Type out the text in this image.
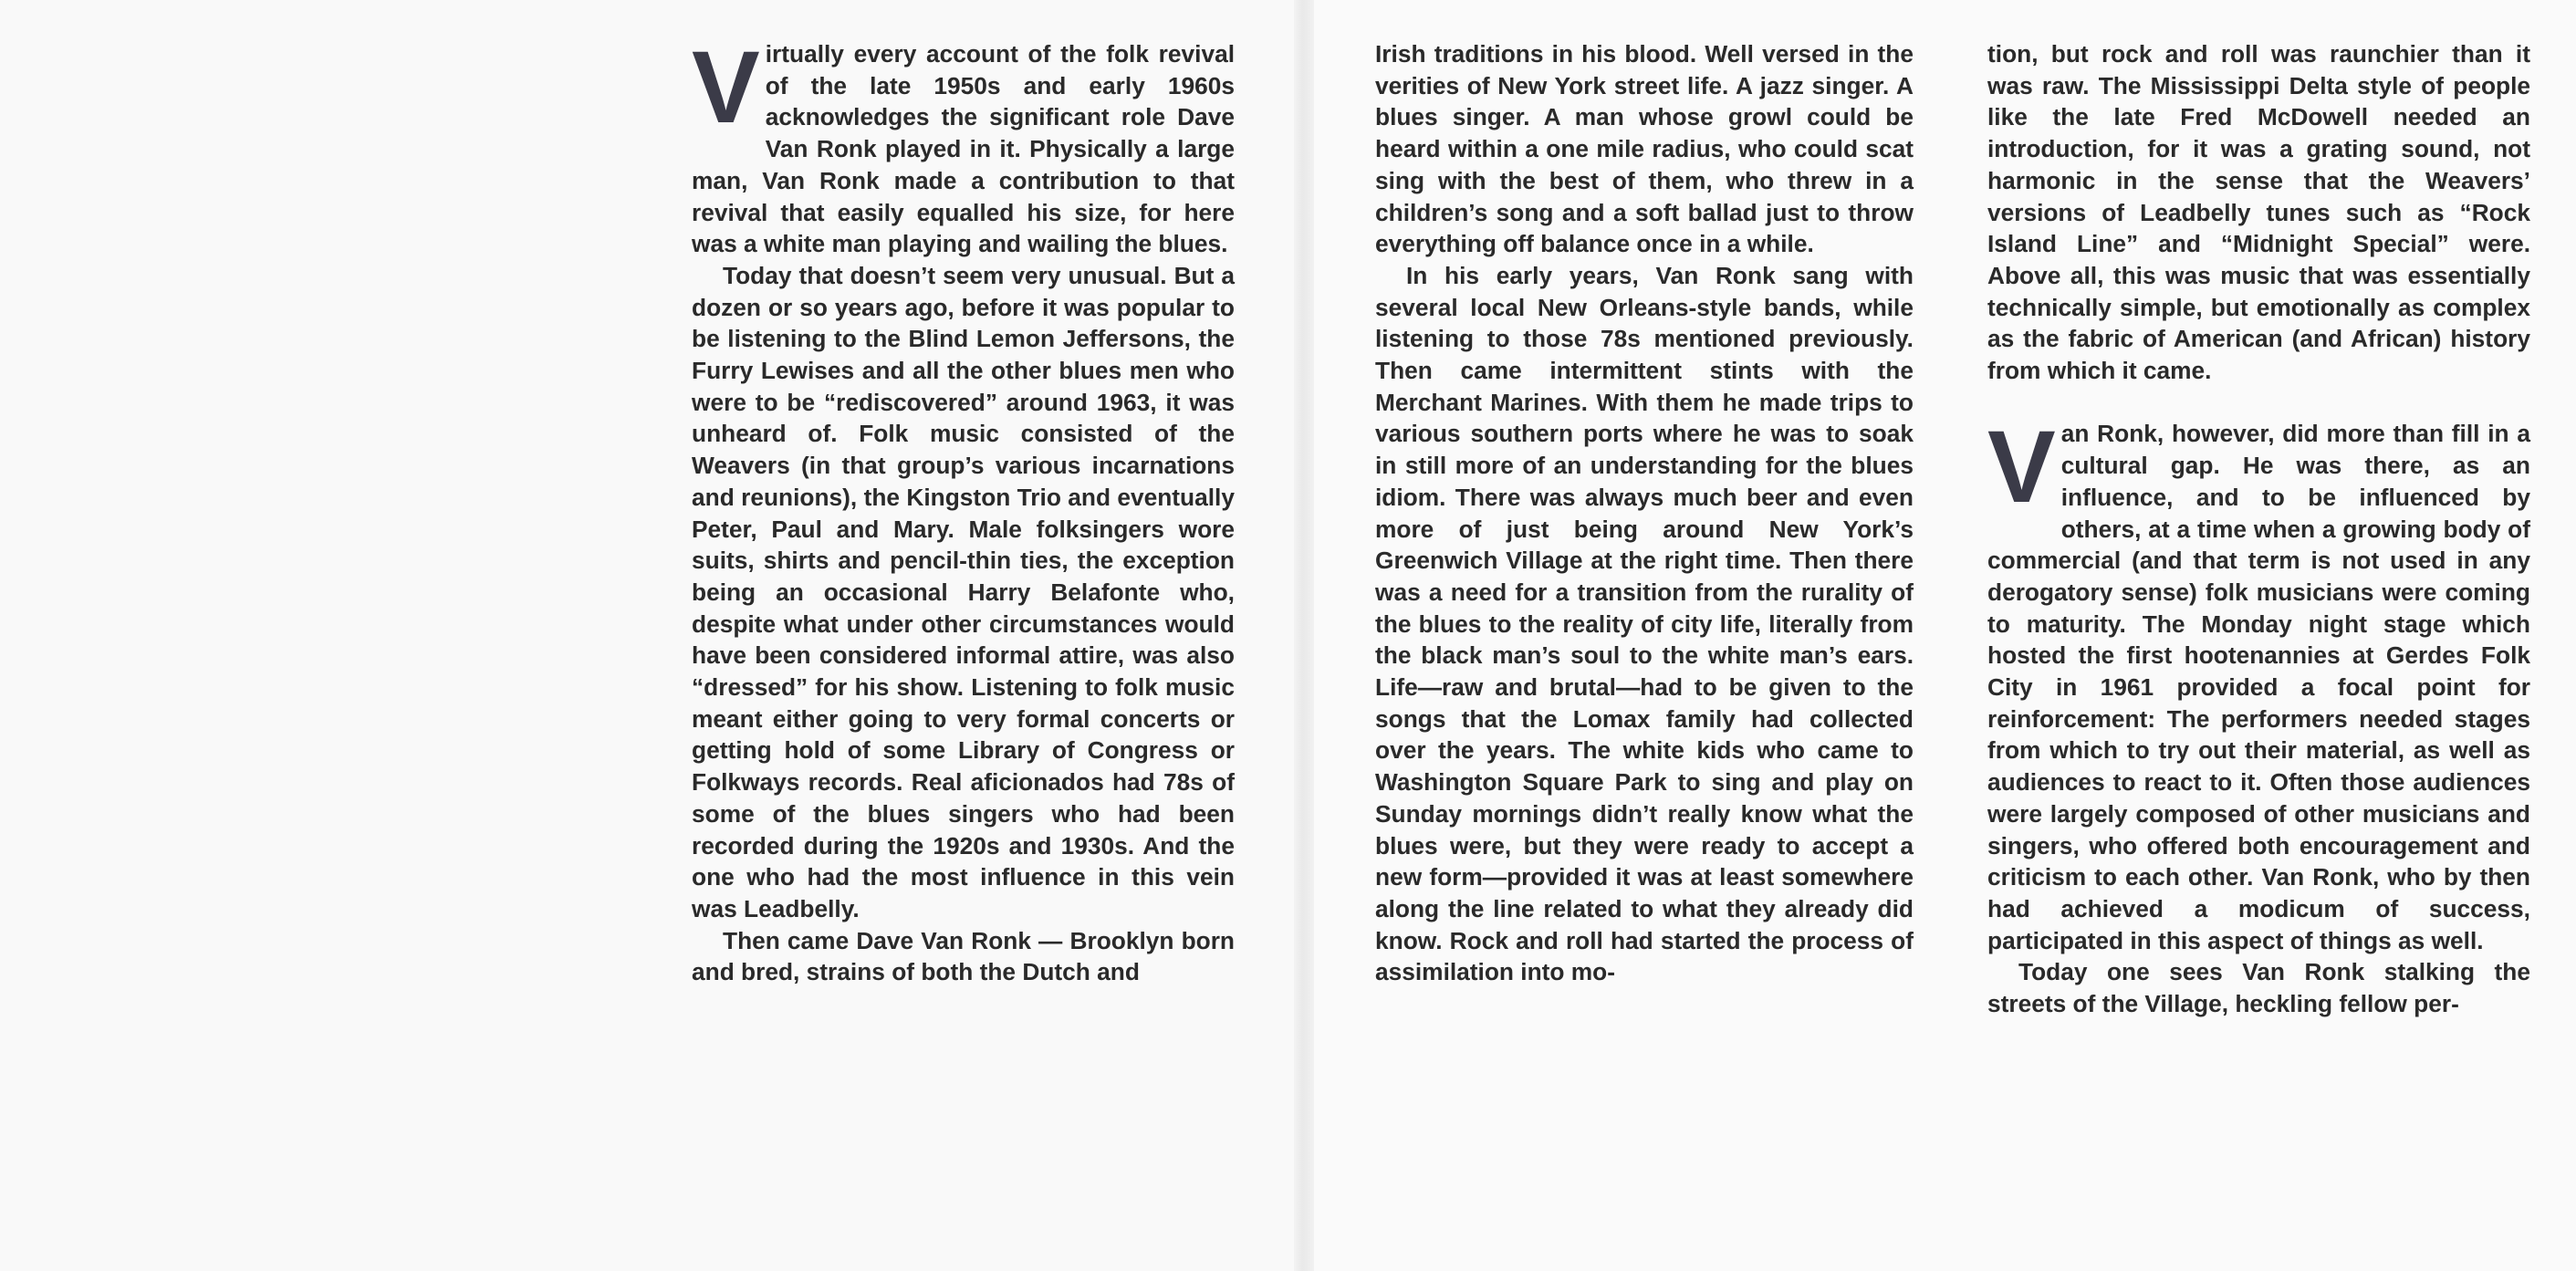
Virtually every account of the folk revival of the late 1950s and early 1960s acknowledges the significant role Dave Van Ronk played in it. Physically a large man, Van Ronk made a contribution to that revival that easily equalled his size, for here was a white man playing and wailing the blues.

Today that doesn’t seem very unusual. But a dozen or so years ago, before it was popular to be listening to the Blind Lemon Jeffersons, the Furry Lewises and all the other blues men who were to be “rediscovered” around 1963, it was unheard of. Folk music consisted of the Weavers (in that group’s various incarnations and reunions), the Kingston Trio and eventually Peter, Paul and Mary. Male folksingers wore suits, shirts and pencil-thin ties, the exception being an occasional Harry Belafonte who, despite what under other circumstances would have been considered informal attire, was also “dressed” for his show. Listening to folk music meant either going to very formal concerts or getting hold of some Library of Congress or Folkways records. Real aficionados had 78s of some of the blues singers who had been recorded during the 1920s and 1930s. And the one who had the most influence in this vein was Leadbelly.

Then came Dave Van Ronk — Brooklyn born and bred, strains of both the Dutch and

Irish traditions in his blood. Well versed in the verities of New York street life. A jazz singer. A blues singer. A man whose growl could be heard within a one mile radius, who could scat sing with the best of them, who threw in a children’s song and a soft ballad just to throw everything off balance once in a while.

In his early years, Van Ronk sang with several local New Orleans-style bands, while listening to those 78s mentioned previously. Then came intermittent stints with the Merchant Marines. With them he made trips to various southern ports where he was to soak in still more of an understanding for the blues idiom. There was always much beer and even more of just being around New York’s Greenwich Village at the right time. Then there was a need for a transition from the rurality of the blues to the reality of city life, literally from the black man’s soul to the white man’s ears. Life—raw and brutal—had to be given to the songs that the Lomax family had collected over the years. The white kids who came to Washington Square Park to sing and play on Sunday mornings didn’t really know what the blues were, but they were ready to accept a new form—provided it was at least somewhere along the line related to what they already did know. Rock and roll had started the process of assimilation into mo-

tion, but rock and roll was raunchier than it was raw. The Mississippi Delta style of people like the late Fred McDowell needed an introduction, for it was a grating sound, not harmonic in the sense that the Weavers’ versions of Leadbelly tunes such as “Rock Island Line” and “Midnight Special” were. Above all, this was music that was essentially technically simple, but emotionally as complex as the fabric of American (and African) history from which it came.

Van Ronk, however, did more than fill in a cultural gap. He was there, as an influence, and to be influenced by others, at a time when a growing body of commercial (and that term is not used in any derogatory sense) folk musicians were coming to maturity. The Monday night stage which hosted the first hootenannies at Gerdes Folk City in 1961 provided a focal point for reinforcement: The performers needed stages from which to try out their material, as well as audiences to react to it. Often those audiences were largely composed of other musicians and singers, who offered both encouragement and criticism to each other. Van Ronk, who by then had achieved a modicum of success, participated in this aspect of things as well.

Today one sees Van Ronk stalking the streets of the Village, heckling fellow per-
